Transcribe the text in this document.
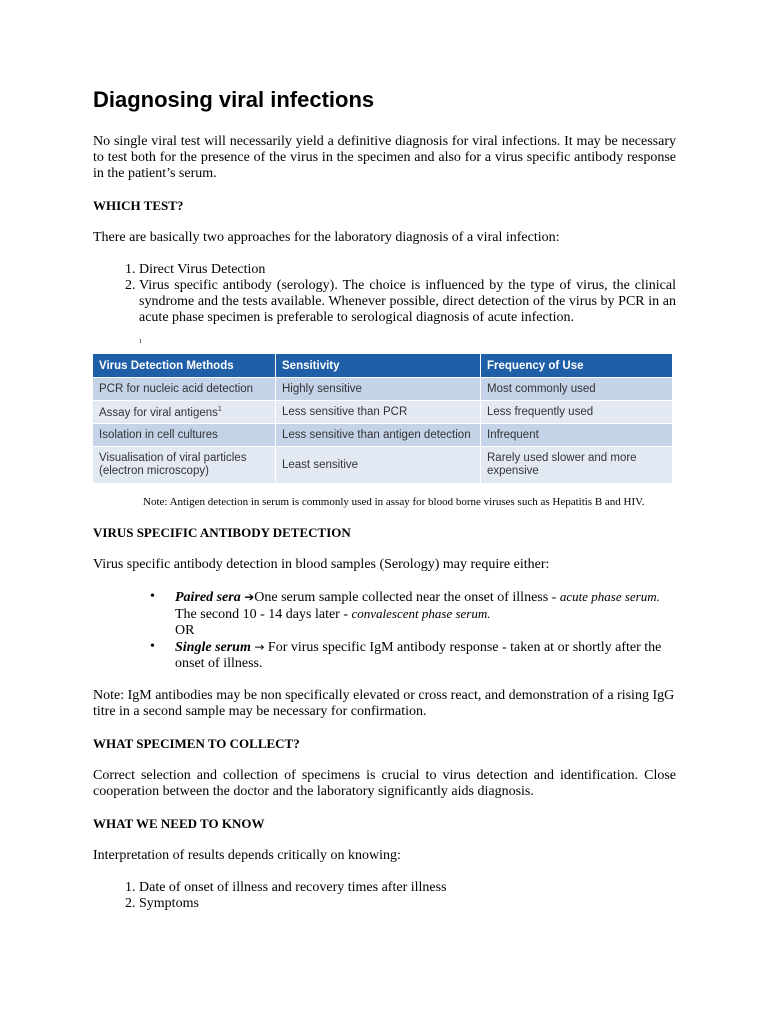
Diagnosing viral infections

No single viral test will necessarily yield a definitive diagnosis for viral infections. It may be necessary to test both for the presence of the virus in the specimen and also for a virus specific antibody response in the patient’s serum.

WHICH TEST?

There are basically two approaches for the laboratory diagnosis of a viral infection:

1. Direct Virus Detection
2. Virus specific antibody (serology). The choice is influenced by the type of virus, the clinical syndrome and the tests available. Whenever possible, direct detection of the virus by PCR in an acute phase specimen is preferable to serological diagnosis of acute infection.
1
Virus Detection Methods	Sensitivity	Frequency of Use
PCR for nucleic acid detection	Highly sensitive	Most commonly used
Assay for viral antigens$^1$	Less sensitive than PCR	Less frequently used
Isolation in cell cultures	Less sensitive than antigen detection	Infrequent
Visualisation of viral particles (electron microscopy)	Least sensitive	Rarely used slower and more expensive

Note: Antigen detection in serum is commonly used in assay for blood borne viruses such as Hepatitis B and HIV.

VIRUS SPECIFIC ANTIBODY DETECTION

Virus specific antibody detection in blood samples (Serology) may require either:

• Paired sera ➔One serum sample collected near the onset of illness - acute phase serum.
The second 10 - 14 days later - convalescent phase serum.
OR
• Single serum → For virus specific IgM antibody response - taken at or shortly after the onset of illness.

Note: IgM antibodies may be non specifically elevated or cross react, and demonstration of a rising IgG titre in a second sample may be necessary for confirmation.

WHAT SPECIMEN TO COLLECT?

Correct selection and collection of specimens is crucial to virus detection and identification. Close cooperation between the doctor and the laboratory significantly aids diagnosis.

WHAT WE NEED TO KNOW

Interpretation of results depends critically on knowing:

1. Date of onset of illness and recovery times after illness
2. Symptoms
